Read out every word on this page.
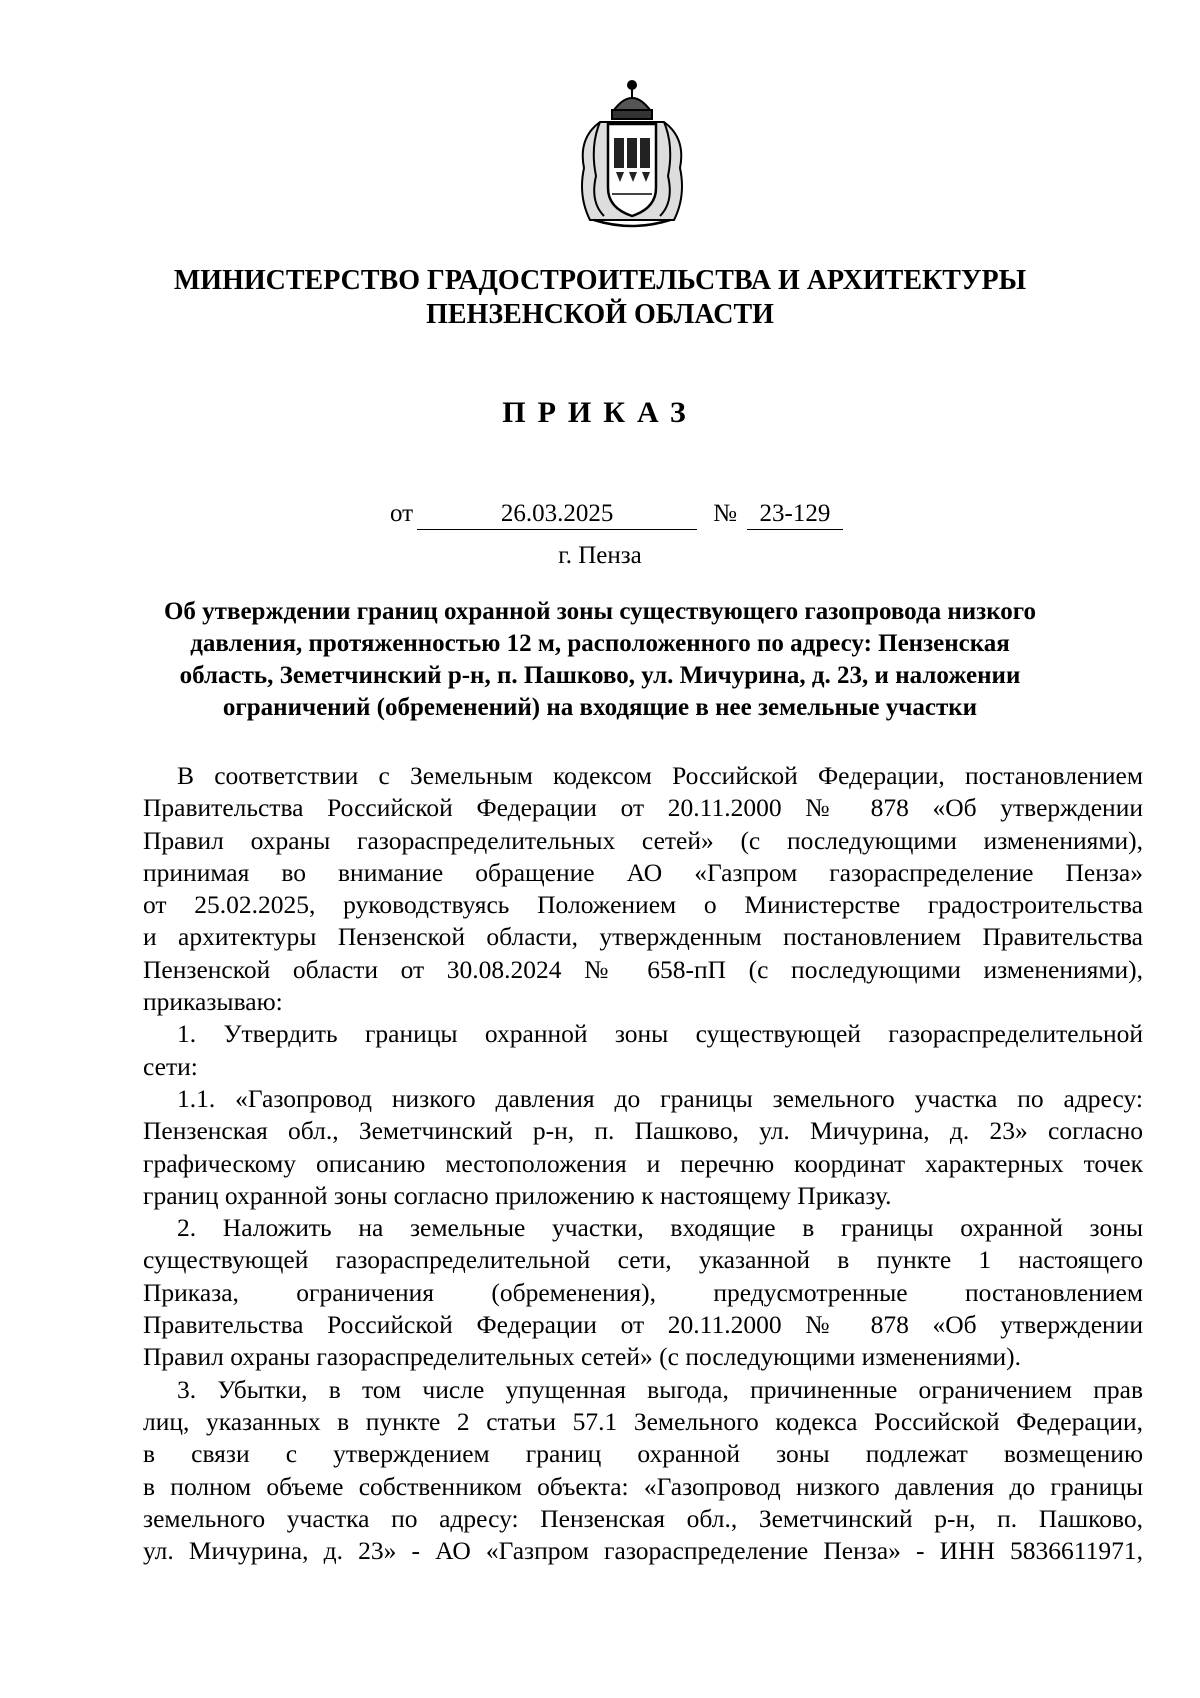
МИНИСТЕРСТВО ГРАДОСТРОИТЕЛЬСТВА И АРХИТЕКТУРЫ
ПЕНЗЕНСКОЙ ОБЛАСТИ
ПРИКАЗ
от	26.03.2025	№ 23-129
г. Пенза
Об утверждении границ охранной зоны существующего газопровода низкого
давления, протяженностью 12 м, расположенного по адресу: Пензенская
область, Земетчинский р-н, п. Пашково, ул. Мичурина, д. 23, и наложении
ограничений (обременений) на входящие в нее земельные участки
В соответствии с Земельным кодексом Российской Федерации, постановлением
Правительства Российской Федерации от 20.11.2000 № 878 «Об утверждении
Правил охраны газораспределительных сетей» (с последующими изменениями),
принимая во внимание обращение АО «Газпром газораспределение Пенза»
от 25.02.2025, руководствуясь Положением о Министерстве градостроительства
и архитектуры Пензенской области, утвержденным постановлением Правительства
Пензенской области от 30.08.2024 № 658-пП (с последующими изменениями),
приказываю:
1. Утвердить границы охранной зоны существующей газораспределительной
сети:
1.1. «Газопровод низкого давления до границы земельного участка по адресу:
Пензенская обл., Земетчинский р-н, п. Пашково, ул. Мичурина, д. 23» согласно
графическому описанию местоположения и перечню координат характерных точек
границ охранной зоны согласно приложению к настоящему Приказу.
2. Наложить на земельные участки, входящие в границы охранной зоны
существующей газораспределительной сети, указанной в пункте 1 настоящего
Приказа, ограничения (обременения), предусмотренные постановлением
Правительства Российской Федерации от 20.11.2000 № 878 «Об утверждении
Правил охраны газораспределительных сетей» (с последующими изменениями).
3. Убытки, в том числе упущенная выгода, причиненные ограничением прав
лиц, указанных в пункте 2 статьи 57.1 Земельного кодекса Российской Федерации,
в связи с утверждением границ охранной зоны подлежат возмещению
в полном объеме собственником объекта: «Газопровод низкого давления до границы
земельного участка по адресу: Пензенская обл., Земетчинский р-н, п. Пашково,
ул. Мичурина, д. 23» - АО «Газпром газораспределение Пенза» - ИНН 5836611971,
